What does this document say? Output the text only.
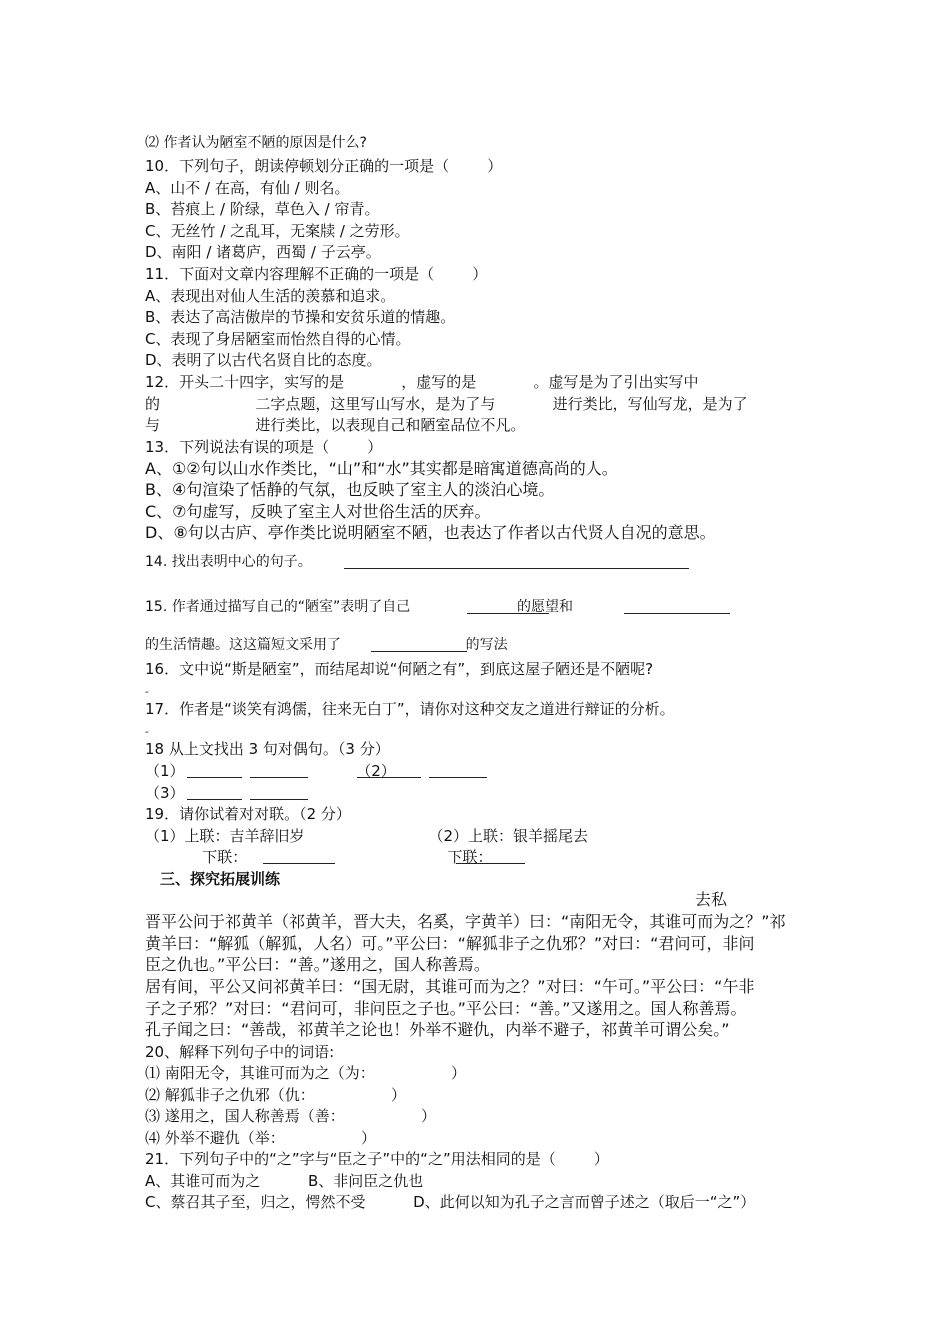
⑵ 作者认为陋室不陋的原因是什么?
10．下列句子，朗读停顿划分正确的一项是（        ）
A、山不 / 在高，有仙 / 则名。
B、苔痕上 / 阶绿，草色入 / 帘青。
C、无丝竹 / 之乱耳，无案牍 / 之劳形。
D、南阳 / 诸葛庐，西蜀 / 子云亭。
11．下面对文章内容理解不正确的一项是（        ）
A、表现出对仙人生活的羡慕和追求。
B、表达了高洁傲岸的节操和安贫乐道的情趣。
C、表现了身居陋室而怡然自得的心情。
D、表明了以古代名贤自比的态度。
12．开头二十四字，实写的是            ，虚写的是            。虚写是为了引出实写中
的                    二字点题，这里写山写水，是为了与            进行类比，写仙写龙，是为了
与                    进行类比，以表现自己和陋室品位不凡。
13．下列说法有误的项是（        ）
A、①②句以山水作类比，“山”和“水”其实都是暗寓道德高尚的人。
B、④句渲染了恬静的气氛，也反映了室主人的淡泊心境。
C、⑦句虚写，反映了室主人对世俗生活的厌弃。
D、⑧句以古庐、亭作类比说明陋室不陋，也表达了作者以古代贤人自况的意思。
14. 找出表明中心的句子。
15. 作者通过描写自己的“陋室”表明了自己                        的愿望和
的生活情趣。这这篇短文采用了                            的写法
16．文中说“斯是陋室”，而结尾却说“何陋之有”，到底这屋子陋还是不陋呢?
-
17．作者是“谈笑有鸿儒，往来无白丁”，请你对这种交友之道进行辩证的分析。
-
18 从上文找出 3 句对偶句。（3 分）
（1）                                    （2）
（3）
19．请你试着对对联。（2 分）
（1）上联：吉羊辞旧岁                          （2）上联：银羊摇尾去
下联：                                          下联：
三、探究拓展训练
去私
晋平公问于祁黄羊（祁黄羊，晋大夫，名奚，字黄羊）曰：“南阳无令，其谁可而为之？”祁
黄羊曰：“解狐（解狐，人名）可。”平公曰：“解狐非子之仇邪？”对曰：“君问可，非问
臣之仇也。”平公曰：“善。”遂用之，国人称善焉。
居有间，平公又问祁黄羊曰：“国无尉，其谁可而为之？”对曰：“午可。”平公曰：“午非
子之子邪？”对曰：“君问可，非问臣之子也。”平公曰：“善。”又遂用之。国人称善焉。
孔子闻之曰：“善哉，祁黄羊之论也！外举不避仇，内举不避子，祁黄羊可谓公矣。”
20、解释下列句子中的词语:
⑴ 南阳无令，其谁可而为之（为：                ）
⑵ 解狐非子之仇邪（仇：                ）
⑶ 遂用之，国人称善焉（善：                ）
⑷ 外举不避仇（举：                ）
21．下列句子中的“之”字与“臣之子”中的“之”用法相同的是（        ）
A、其谁可而为之          B、非问臣之仇也
C、蔡召其子至，归之，愕然不受          D、此何以知为孔子之言而曾子述之（取后一“之”）
